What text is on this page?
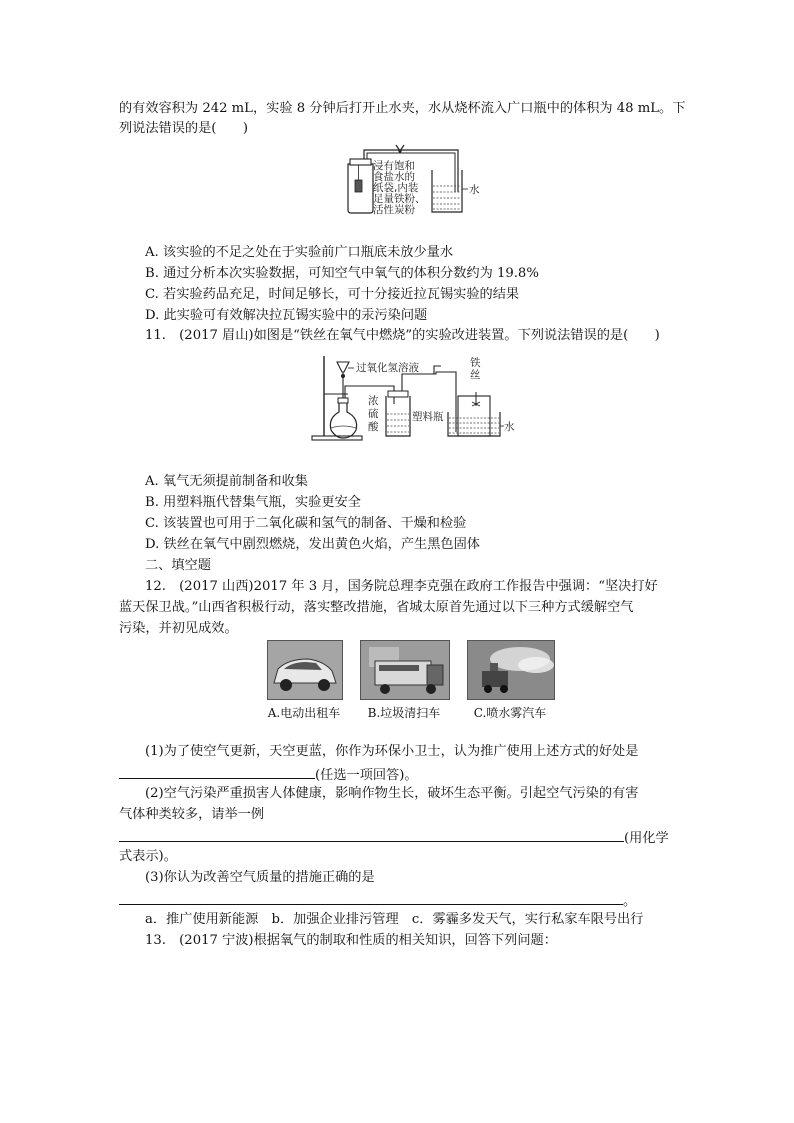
的有效容积为 242 mL，实验 8 分钟后打开止水夹，水从烧杯流入广口瓶中的体积为 48 mL。下
列说法错误的是(　　)
浸有饱和
食盐水的
纸袋,内装
足量铁粉、
活性炭粉
水
A. 该实验的不足之处在于实验前广口瓶底未放少量水
B. 通过分析本次实验数据，可知空气中氧气的体积分数约为 19.8%
C. 若实验药品充足，时间足够长，可十分接近拉瓦锡实验的结果
D. 此实验可有效解决拉瓦锡实验中的汞污染问题
11.　(2017 眉山)如图是“铁丝在氧气中燃烧”的实验改进装置。下列说法错误的是(　　)
过氧化氢溶液
浓
硫
酸
塑料瓶
铁
丝
水
A. 氧气无须提前制备和收集
B. 用塑料瓶代替集气瓶，实验更安全
C. 该装置也可用于二氧化碳和氢气的制备、干燥和检验
D. 铁丝在氧气中剧烈燃烧，发出黄色火焰，产生黑色固体
二、填空题
12.　(2017 山西)2017 年 3 月，国务院总理李克强在政府工作报告中强调：“坚决打好
蓝天保卫战。”山西省积极行动，落实整改措施，省城太原首先通过以下三种方式缓解空气
污染，并初见成效。
A.电动出租车	B.垃圾清扫车	C.喷水雾汽车
(1)为了使空气更新，天空更蓝，你作为环保小卫士，认为推广使用上述方式的好处是
(任选一项回答)。
(2)空气污染严重损害人体健康，影响作物生长，破坏生态平衡。引起空气污染的有害
气体种类较多，请举一例
(用化学
式表示)。
(3)你认为改善空气质量的措施正确的是
。
a．推广使用新能源　b．加强企业排污管理　c．雾霾多发天气，实行私家车限号出行
13.　(2017 宁波)根据氧气的制取和性质的相关知识，回答下列问题：
